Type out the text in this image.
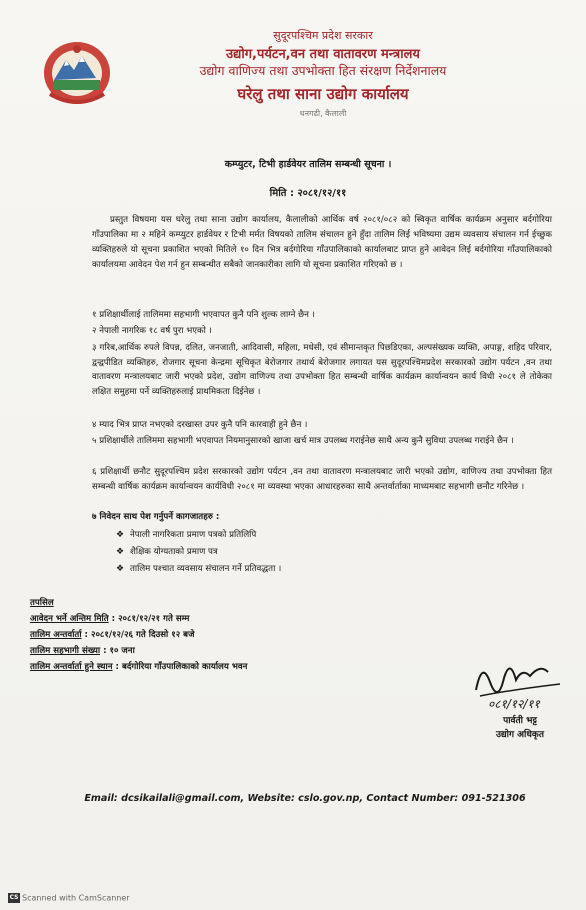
सुदूरपश्चिम प्रदेश सरकार
उद्योग,पर्यटन,वन तथा वातावरण मन्त्रालय
उद्योग वाणिज्य तथा उपभोक्ता हित संरक्षण निर्देशनालय
घरेलु तथा साना उद्योग कार्यालय
धनगढी, कैलाली
कम्प्युटर, टिभी हार्डवेयर तालिम सम्बन्धी सूचना ।
मिति : २०८१/१२/११
प्रस्तुत विषयमा यस घरेलु तथा साना उद्योग कार्यालय, कैलालीको आर्थिक वर्ष २०८१/०८२ को स्विकृत वार्षिक कार्यक्रम अनुसार बर्दगोरिया गाँउपालिका मा २ महिने कम्प्युटर हार्डवेयर र टिभी मर्मत विषयको तालिम संचालन हुने हुँदा तालिम लिई भविष्यमा उद्यम व्यवसाय संचालन गर्न ईच्छुक व्यक्तिहरुले यो सूचना प्रकाशित भएको मितिले १० दिन भित्र बर्दगोरिया गाँउपालिकाको कार्यालबाट प्राप्त हुने आवेदन लिई बर्दगोरिया गाँउपालिकाको कार्यालयमा आवेदन पेश गर्न हुन सम्बन्धीत सबैको जानकारीका लागि यो सूचना प्रकाशित गरिएको छ ।

१ प्रशिक्षार्थीलाई तालिममा सहभागी भएवापत कुनै पनि शुल्क लाग्ने छैन ।

२ नेपाली नागरिक १८ वर्ष पुरा भएको ।

३ गरिब,आर्थिक रुपले विपन्न, दलित, जनजाती, आदिवासी, महिला, मधेसी, एवं सीमान्तकृत पिछडिएका, अल्पसंख्यक व्यक्ति, अपाङ्ग, शहिद परिवार, द्वन्द्वपीडित व्यक्तिहरु, रोजगार सूचना केन्द्रमा सूचिकृत बेरोजगार तथार्थ बेरोजगार लगायत यस सुदूरपश्चिमप्रदेश सरकारको उद्योग पर्यटन ,वन तथा वातावरण मन्त्रालयबाट जारी भएको प्रदेश, उद्योग वाणिज्य तथा उपभोक्ता हित सम्बन्धी वार्षिक कार्यक्रम कार्यान्वयन कार्य विधी २०८१ ले तोकेका लक्षित समुहमा पर्ने व्यक्तिहरुलाई प्राथमिकता दिईनेछ ।

४ म्याद भित्र प्राप्त नभएको दरखास्त उपर कुनै पनि कारवाही हुने छैन ।

५ प्रशिक्षार्थीले तालिममा सहभागी भएवापत नियमानुसारको खाजा खर्च मात्र उपलब्ध गराईनेछ साथै अन्य कुनै सुविधा उपलब्ध गराईने छैन ।

६ प्रशिक्षार्थी छनौट सुदूरपश्चिम प्रदेश सरकारको उद्योग पर्यटन ,वन तथा वातावरण मन्त्रालयबाट जारी भएको उद्योग, वाणिज्य तथा उपभोक्ता हित सम्बन्धी वार्षिक कार्यक्रम कार्यान्वयन कार्यविधी २०८१ मा व्यवस्था भएका आधारहरुका साथै अन्तर्वार्ताका माध्यमबाट सहभागी छनौट गरिनेछ ।

७ निवेदन साथ पेश गर्नुपर्ने कागजातहरु :

❖ नेपाली नागरिकता प्रमाण पत्रको प्रतिलिपि
❖ शैक्षिक योग्यताको प्रमाण पत्र
❖ तालिम पश्चात व्यवसाय संचालन गर्ने प्रतिवद्धता ।
तपसिल
आवेदन भर्ने अन्तिम मिति : २०८१/१२/२१ गते सम्म
तालिम अन्तर्वार्ता : २०८१/१२/२६ गते दिउसो १२ बजे
तालिम सहभागी संख्या : १० जना
तालिम अन्तर्वार्ता हुने स्थान : बर्दगोरिया गाँउपालिकाको कार्यालय भवन
०८१/१२/११
पार्वती भट्ट
उद्योग अधिकृत
Email: dcsikailali@gmail.com, Website: cslo.gov.np, Contact Number: 091-521306
CS Scanned with CamScanner
